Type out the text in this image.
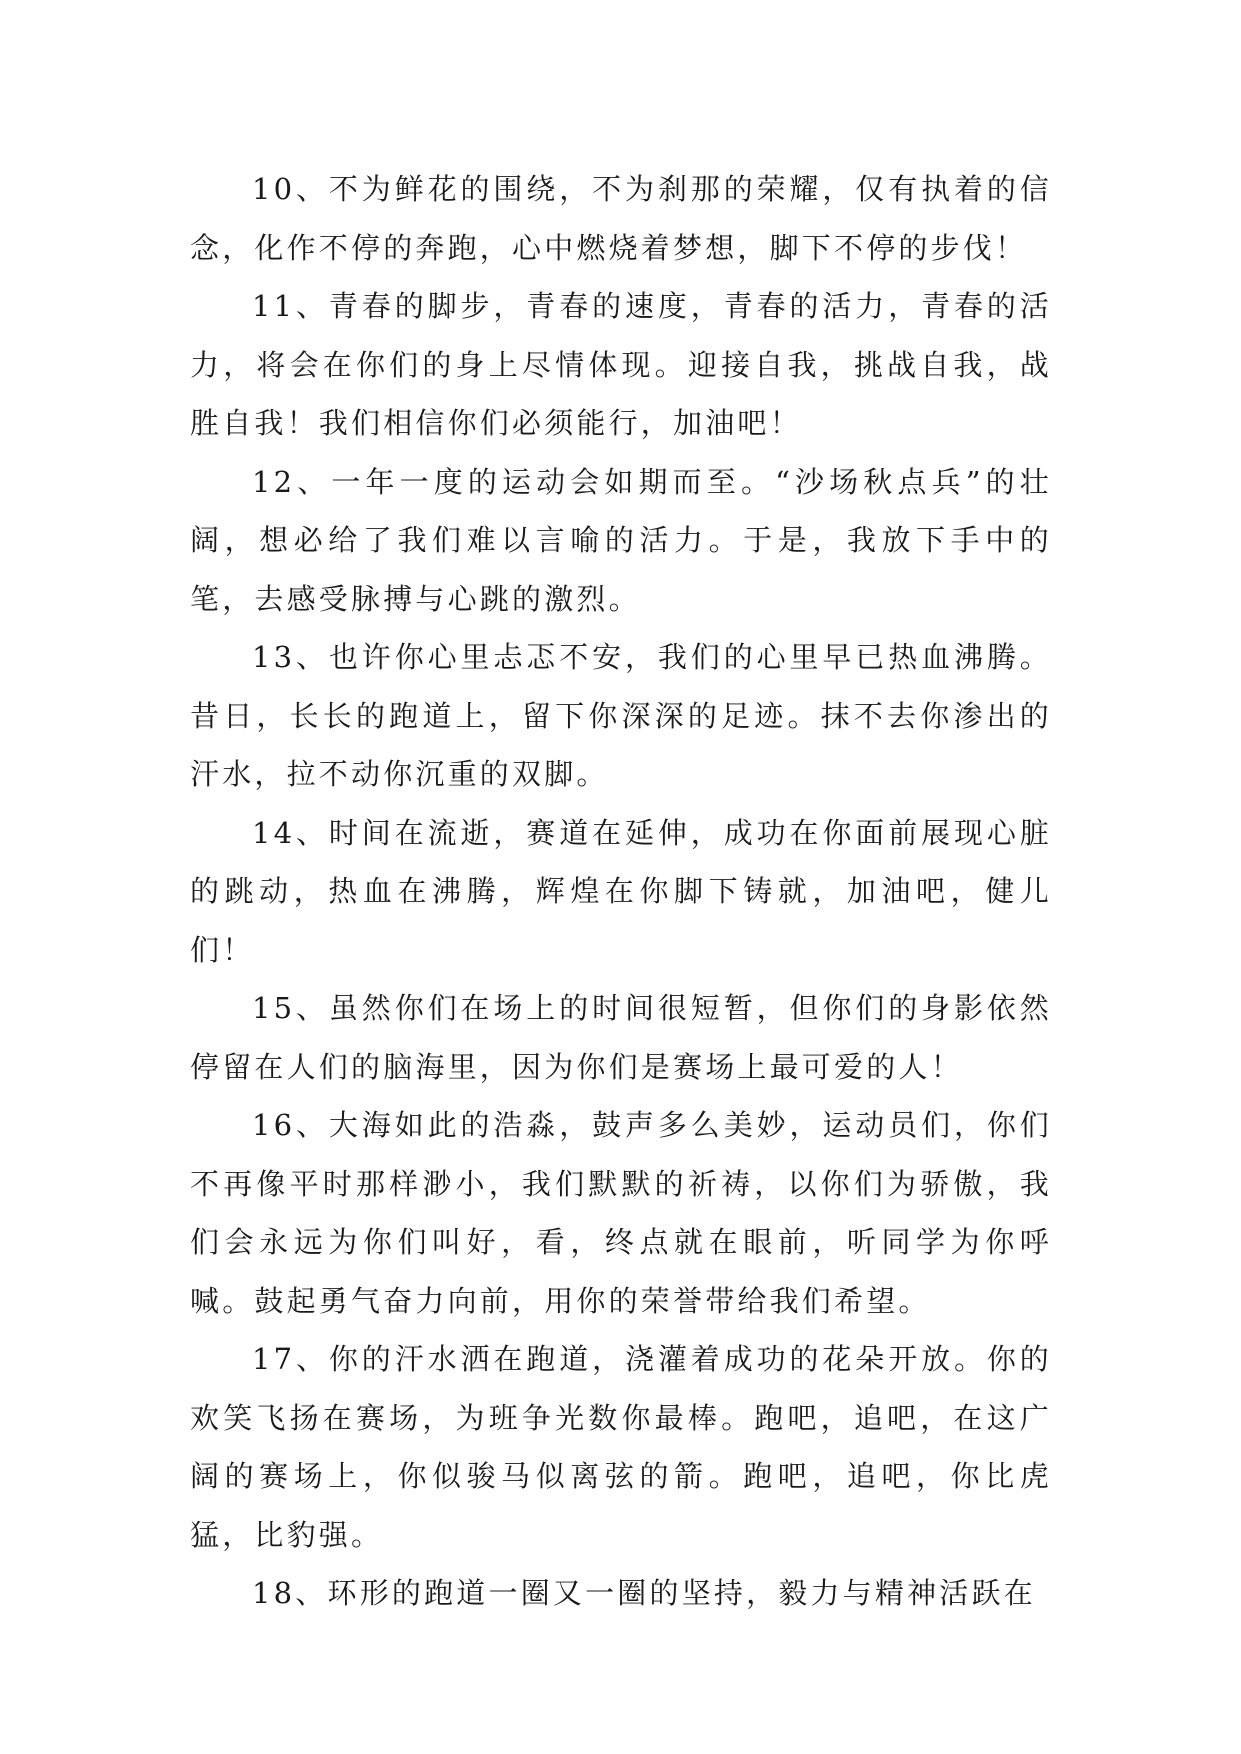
10、不为鲜花的围绕，不为刹那的荣耀，仅有执着的信念，化作不停的奔跑，心中燃烧着梦想，脚下不停的步伐！

11、青春的脚步，青春的速度，青春的活力，青春的活力，将会在你们的身上尽情体现。迎接自我，挑战自我，战胜自我！我们相信你们必须能行，加油吧！

12、一年一度的运动会如期而至。“沙场秋点兵”的壮阔，想必给了我们难以言喻的活力。于是，我放下手中的笔，去感受脉搏与心跳的激烈。

13、也许你心里忐忑不安，我们的心里早已热血沸腾。昔日，长长的跑道上，留下你深深的足迹。抹不去你渗出的汗水，拉不动你沉重的双脚。

14、时间在流逝，赛道在延伸，成功在你面前展现心脏的跳动，热血在沸腾，辉煌在你脚下铸就，加油吧，健儿们！

15、虽然你们在场上的时间很短暂，但你们的身影依然停留在人们的脑海里，因为你们是赛场上最可爱的人！

16、大海如此的浩淼，鼓声多么美妙，运动员们，你们不再像平时那样渺小，我们默默的祈祷，以你们为骄傲，我们会永远为你们叫好，看，终点就在眼前，听同学为你呼喊。鼓起勇气奋力向前，用你的荣誉带给我们希望。

17、你的汗水洒在跑道，浇灌着成功的花朵开放。你的欢笑飞扬在赛场，为班争光数你最棒。跑吧，追吧，在这广阔的赛场上，你似骏马似离弦的箭。跑吧，追吧，你比虎猛，比豹强。

18、环形的跑道一圈又一圈的坚持，毅力与精神活跃在
